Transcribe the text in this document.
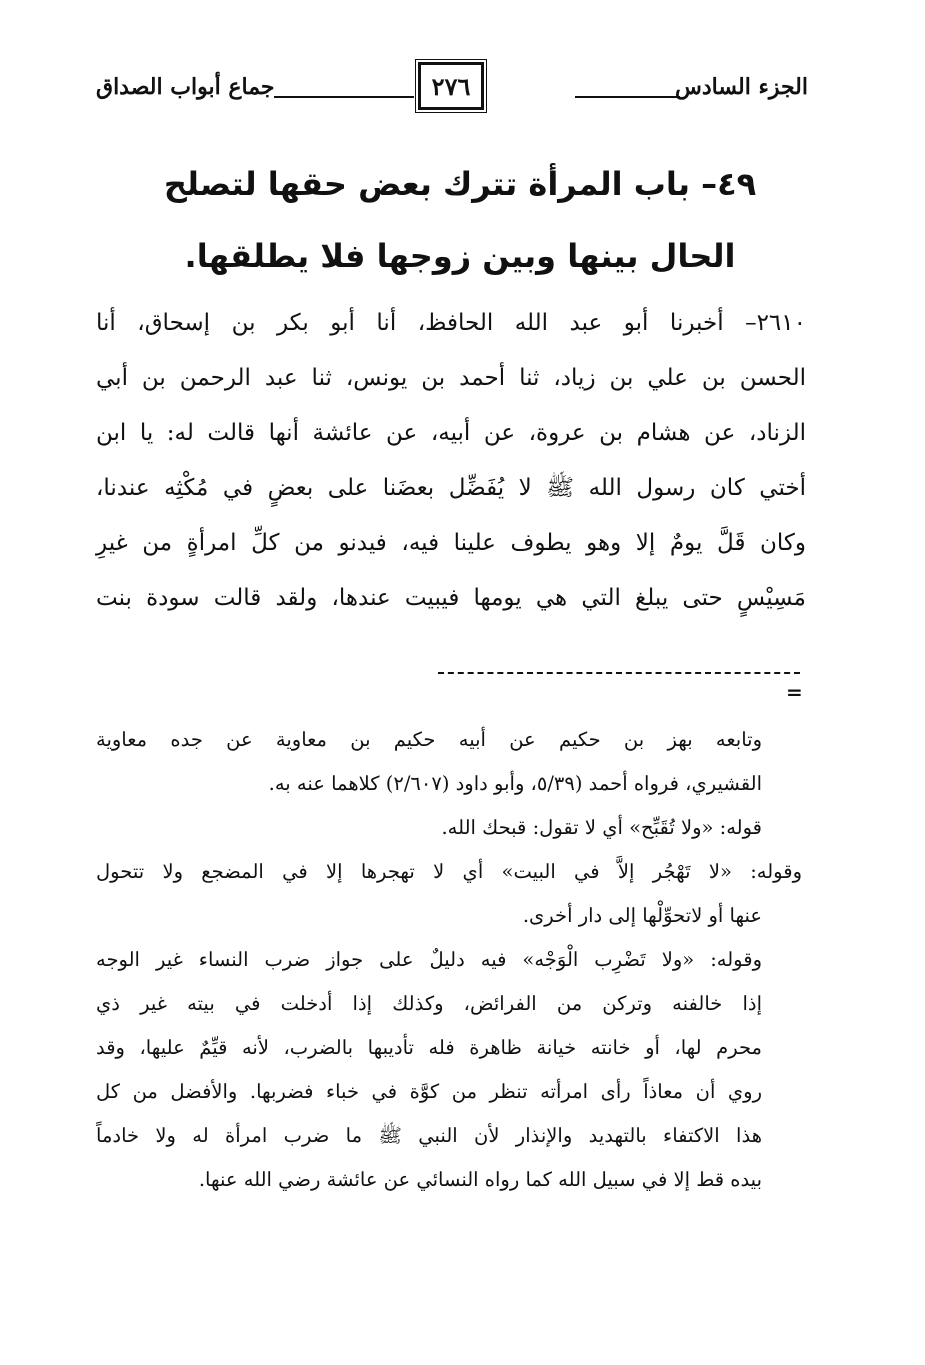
الجزء السادس
٢٧٦
جماع أبواب الصداق
٤٩– باب المرأة تترك بعض حقها لتصلح
الحال بينها وبين زوجها فلا يطلقها.
٢٦١٠– أخبرنا أبو عبد الله الحافظ، أنا أبو بكر بن إسحاق، أنا
الحسن بن علي بن زياد، ثنا أحمد بن يونس، ثنا عبد الرحمن بن أبي
الزناد، عن هشام بن عروة، عن أبيه، عن عائشة أنها قالت له: يا ابن
أختي كان رسول الله ﷺ لا يُفَضِّل بعضَنا على بعضٍ في مُكْثِه عندنا،
وكان قَلَّ يومٌ إلا وهو يطوف علينا فيه، فيدنو من كلِّ امرأةٍ من غيرِ
مَسِيْسٍ حتى يبلغ التي هي يومها فيبيت عندها، ولقد قالت سودة بنت
=
وتابعه بهز بن حكيم عن أبيه حكيم بن معاوية عن جده معاوية
القشيري، فرواه أحمد (٥/٣٩، وأبو داود (٢/٦٠٧) كلاهما عنه به.
قوله: «ولا تُقَبِّح» أي لا تقول: قبحك الله.
وقوله: «لا تَهْجُر إلاَّ في البيت» أي لا تهجرها إلا في المضجع ولا تتحول
عنها أو لاتحوِّلْها إلى دار أخرى.
وقوله: «ولا تَضْرِب الْوَجْه» فيه دليلٌ على جواز ضرب النساء غير الوجه
إذا خالفنه وتركن من الفرائض، وكذلك إذا أدخلت في بيته غير ذي
محرم لها، أو خانته خيانة ظاهرة فله تأديبها بالضرب، لأنه قيِّمٌ عليها، وقد
روي أن معاذاً رأى امرأته تنظر من كوَّة في خباء فضربها. والأفضل من كل
هذا الاكتفاء بالتهديد والإنذار لأن النبي ﷺ ما ضرب امرأة له ولا خادماً
بيده قط إلا في سبيل الله كما رواه النسائي عن عائشة رضي الله عنها.
